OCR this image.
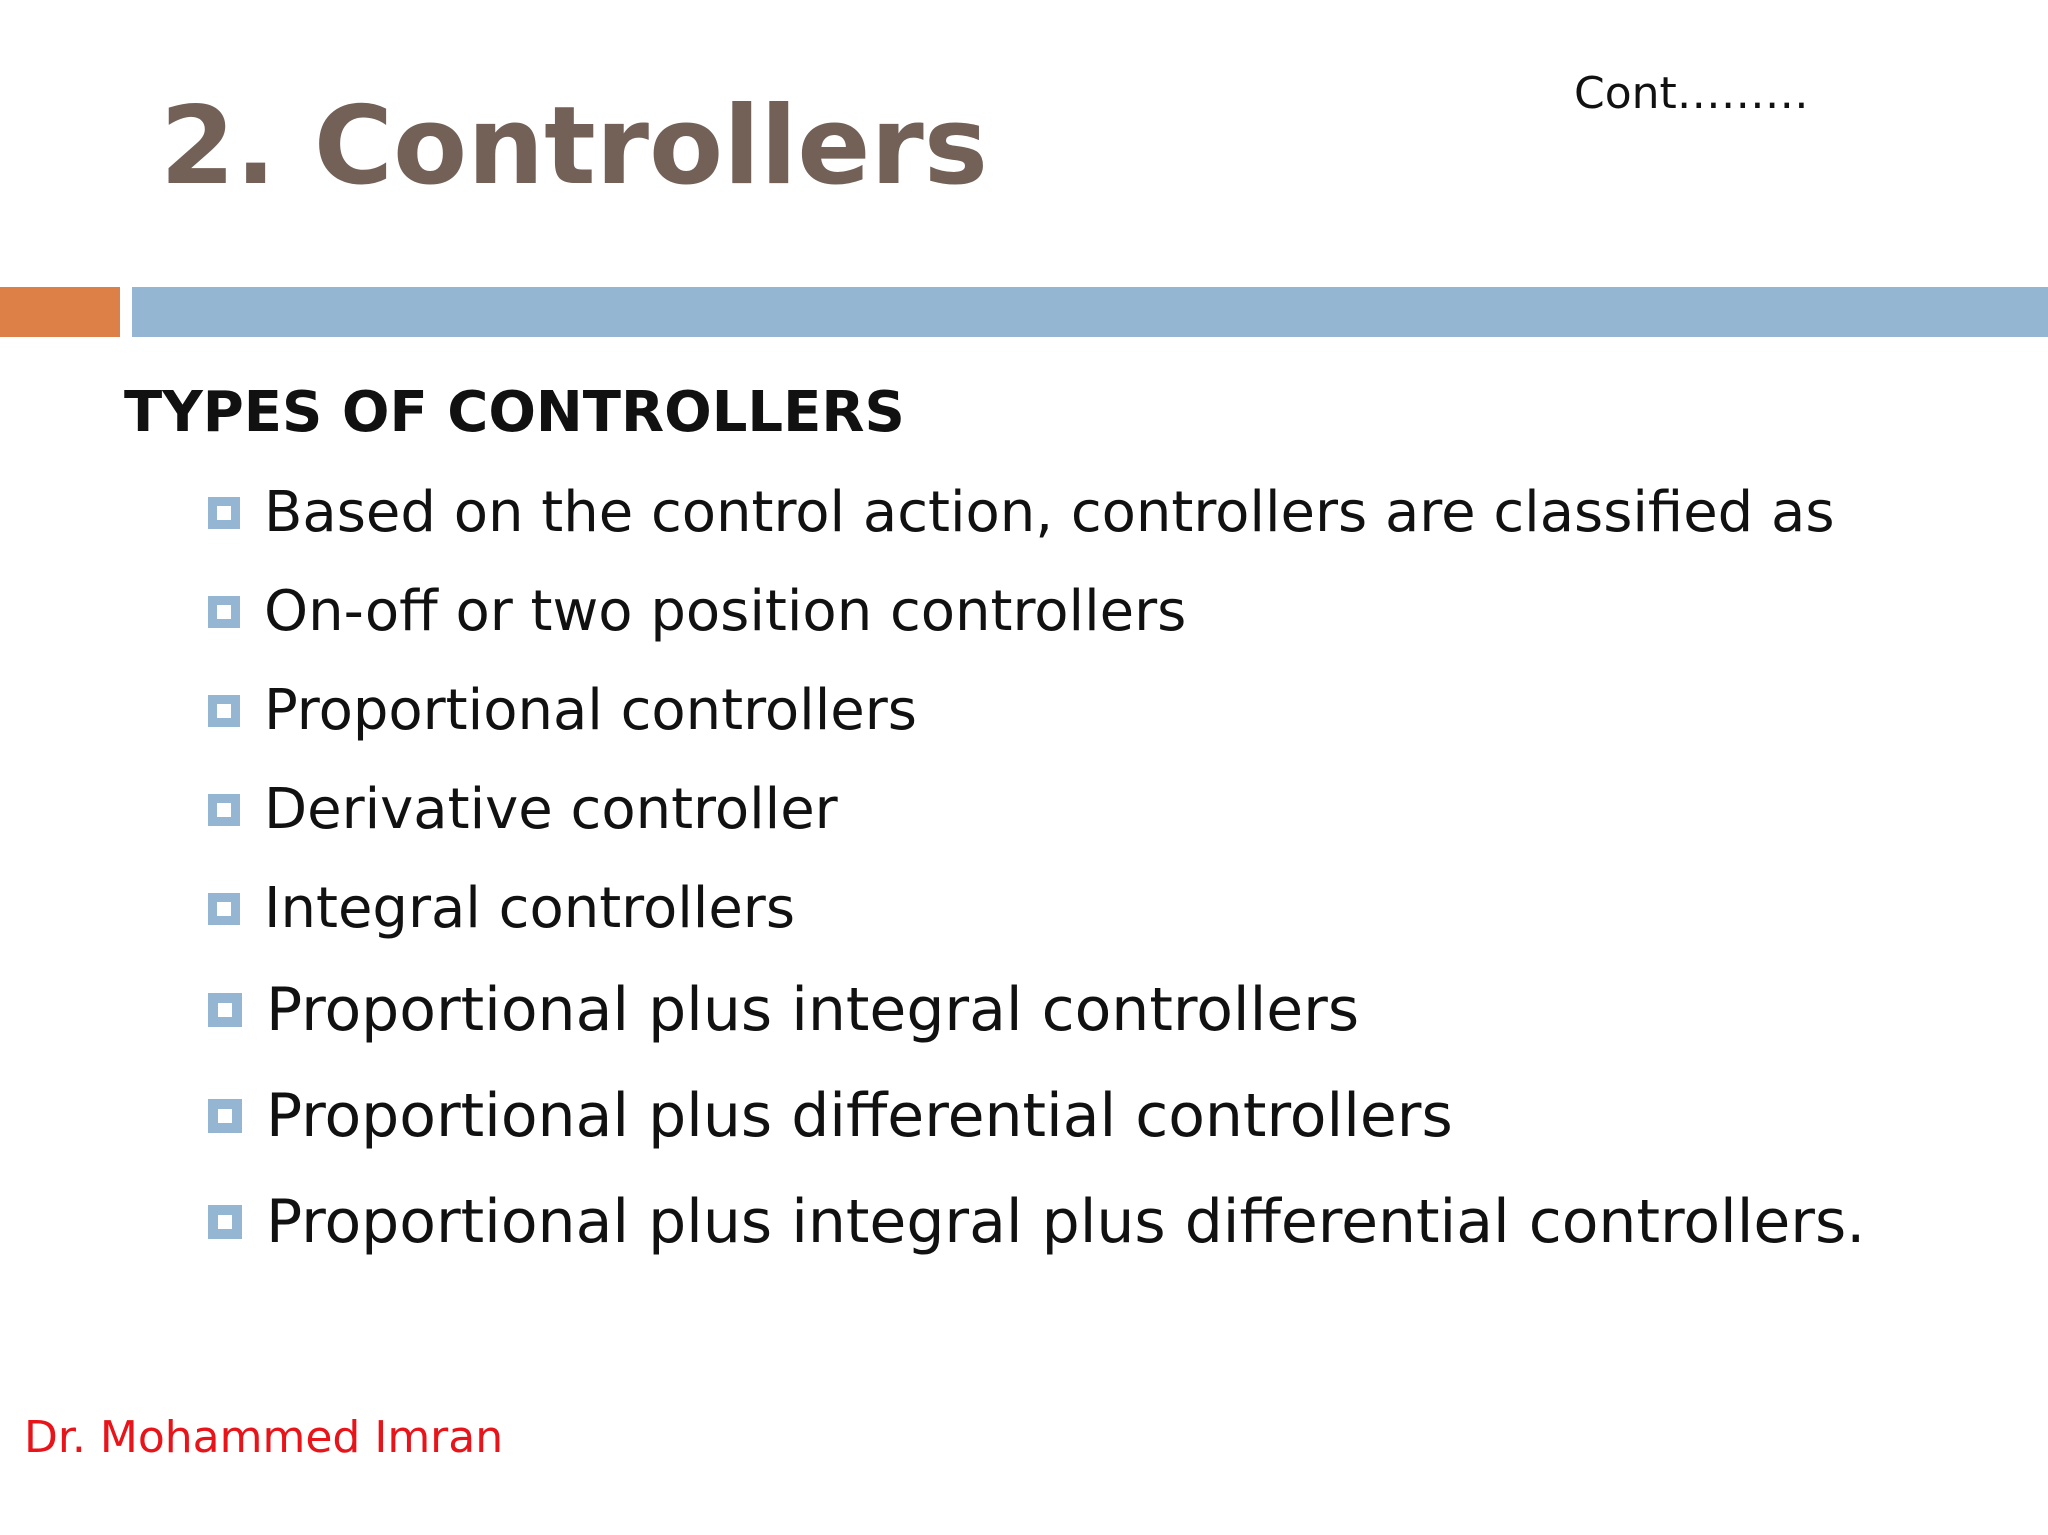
2. Controllers	Cont………
TYPES OF CONTROLLERS
Based on the control action, controllers are classified as
On-off or two position controllers
Proportional controllers
Derivative controller
Integral controllers
Proportional plus integral controllers
Proportional plus differential controllers
Proportional plus integral plus differential controllers.
Dr. Mohammed Imran
